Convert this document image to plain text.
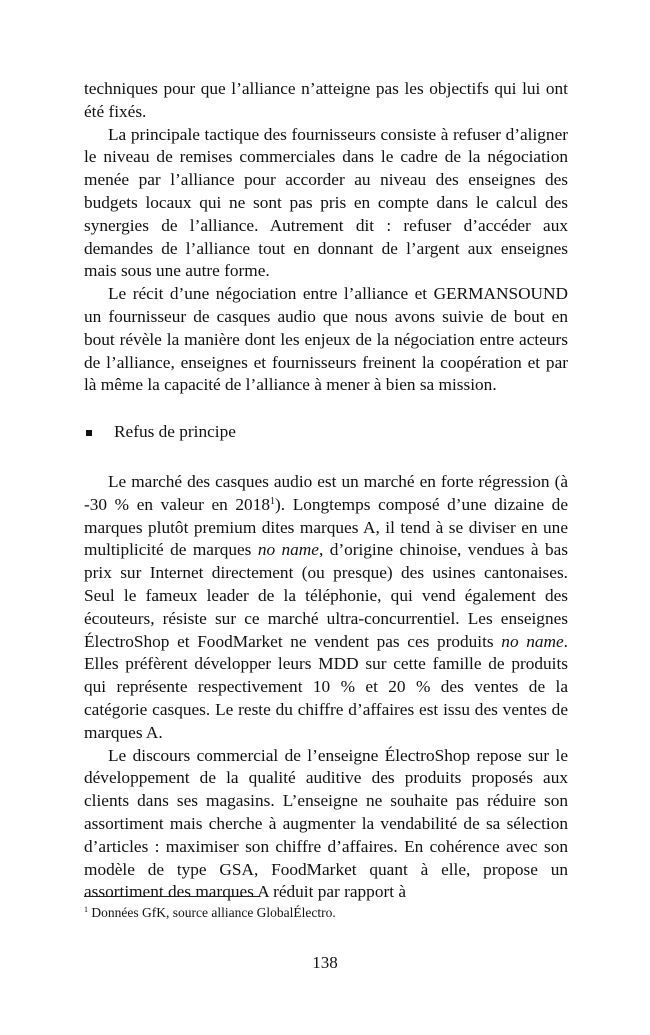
techniques pour que l’alliance n’atteigne pas les objectifs qui lui ont été fixés.

La principale tactique des fournisseurs consiste à refuser d’aligner le niveau de remises commerciales dans le cadre de la négociation menée par l’alliance pour accorder au niveau des enseignes des budgets locaux qui ne sont pas pris en compte dans le calcul des synergies de l’alliance. Autrement dit : refuser d’accéder aux demandes de l’alliance tout en donnant de l’argent aux enseignes mais sous une autre forme.

Le récit d’une négociation entre l’alliance et GERMANSOUND un fournisseur de casques audio que nous avons suivie de bout en bout révèle la manière dont les enjeux de la négociation entre acteurs de l’alliance, enseignes et fournisseurs freinent la coopération et par là même la capacité de l’alliance à mener à bien sa mission.

Refus de principe

Le marché des casques audio est un marché en forte régression (à -30 % en valeur en 2018$^1$). Longtemps composé d’une dizaine de marques plutôt premium dites marques A, il tend à se diviser en une multiplicité de marques no name, d’origine chinoise, vendues à bas prix sur Internet directement (ou presque) des usines cantonaises. Seul le fameux leader de la téléphonie, qui vend également des écouteurs, résiste sur ce marché ultra-concurrentiel. Les enseignes ÉlectroShop et FoodMarket ne vendent pas ces produits no name. Elles préfèrent développer leurs MDD sur cette famille de produits qui représente respectivement 10 % et 20 % des ventes de la catégorie casques. Le reste du chiffre d’affaires est issu des ventes de marques A.

Le discours commercial de l’enseigne ÉlectroShop repose sur le développement de la qualité auditive des produits proposés aux clients dans ses magasins. L’enseigne ne souhaite pas réduire son assortiment mais cherche à augmenter la vendabilité de sa sélection d’articles : maximiser son chiffre d’affaires. En cohérence avec son modèle de type GSA, FoodMarket quant à elle, propose un assortiment des marques A réduit par rapport à

$^1$ Données GfK, source alliance GlobalÉlectro.
138
